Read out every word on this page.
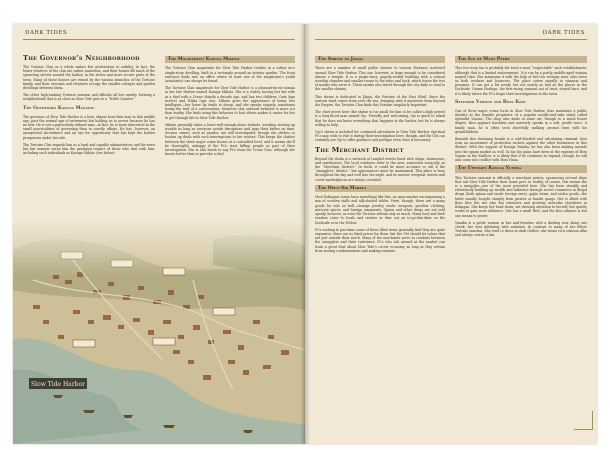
DARK TIDES
The Governor’s Neighborhood

The Tortoise Clan as a whole makes few pretensions to nobility. In fact, the lesser relatives of the clan are rather numerous, and their homes fill much of the sprawling streets around the harbor, in the richer and more secure parts of the town. Many of these houses are owned by the various branches of the Tortoise family, and their servants and retainers occupy the smaller cottages and garden dwellings between them.

The other high-ranking Tortoise samurai and officials all live nearby, forming a neighborhood that is as close as Slow Tide gets to a “Noble Quarter.”

The Governor: Kasuga Magatsu

The governor of Slow Tide Harbor is a lean, almost bone-thin man in late middle age, past the normal age of retirement but holding on to power because he has no heir. He is not a particularly refined man—in fact, he is more interested in the small practicalities of governing than in courtly affairs. He has, however, an unexpected shrewdness and an eye for opportunity that has kept the harbor prosperous under his rule.

The Tortoise Clan regards him as a loyal and capable administrator, and his stern but fair manner earns him the grudging respect of those who deal with him, including such individuals as Kasuga Mikoto (see below).

The Magistrate: Kasuga Mikoto

The Tortoise Clan magistrate for Slow Tide Harbor resides in a rather nice single-story dwelling, built in a rectangle around an interior garden. The front entrance leads into an office where at least one of the magistrate’s yoriki (assistants) can always be found.

The Tortoise Clan magistrate for Slow Tide Harbor is a pleasant-faced woman in her late thirties named Kasuga Mikoto. She is a widow, having lost her wife in a duel with a Crane shinobi a decade ago, and has two children, Onia (age twelve) and Tokka (age ten). Mikoto gives the appearance of being less intelligent—her lower lip tends to droop, and she speaks vaguely, sometimes losing the trail of a conversation. However, this outward behavior is more act than reality. She finds using this behavior to bait others makes it easier for her to get through life in Slow Tide Harbor.

Mikoto generally takes a leave-well-enough-alone attitude, avoiding stirring up trouble as long as everyone avoids disruptions and pays their bribes on time. Serious crimes, such as murder, are still investigated, though she shelves or hushes up deals with such interruptions to her routine. This keeps the clashes between the three major crime bosses at a controlled level, and it means she’ll be thoroughly unhappy if the PCs start killing people as part of their investigation. She is also harsh to any PCs from the Crane Clan, although she knows better than to provoke a duel.

Slow Tide Harbor
DARK TIDES
The Shrine to Jikoja

There are a number of small public shrines to various Fortunes scattered around Slow Tide Harbor. This one, however, is large enough to be considered almost a temple. It is a single-story, pagoda-roofed building with a central worship chamber and smaller rooms to the sides and back, which house the two of monks who serve it. These monks also travel through the city daily to tend to the smaller shrines.

This shrine is dedicated to Jikoja, the Fortune of the East Wind. Since the eastern wind comes from over the sea, bringing with it mysteries from beyond the Empire, the Tortoise Clan finds this Fortune singularly important.

The chief priest here (the shrine is too small for him to be called a high priest) is a long-faced man named Ojo. Friendly and welcoming, Ojo is quick to admit that he does not know everything that happens in the harbor, but he is always willing to help.

Ojo’s shrine is included for continued adventures in Slow Tide Harbor. Spiritual PCs may wish to visit it during their investigation here, though, and the GM can certainly use Ojo to offer guidance and perhaps even clues if necessary.

The Merchant District

Beyond the docks is a network of tangled streets lined with shops, businesses, and warehouses. The local residents refer to the area, somewhat ironically, as the “Merchant District.” In truth, it could be more accurate to call it the “smugglers’ district,” but appearances must be maintained. This place is busy throughout the day and well into the night, and its narrow, irregular streets and coved marketplaces are always crowded.

The Open-Air Market

Most Rokugani towns have something like this: an open market encompassing a mix of wooden stalls and silk-shaded tables. Here, though, there are a many goods for sale as well—strange jewelry, exotic weapons, peculiar clothing, intricate spices, and foreign ornaments. Opium and other drugs are not sold openly, however, as even the Tortoise refrain only so much. Many food and herb vendors cater to locals and visitors or dine out on to-go-dim-dims on the Dockside or in the Widow.

PCs wishing to purchase some of these illicit items generally find they are quite expensive; there are no fixed prices for them, but the GM should let values that are just outside their reach. Many of the merchants serve as conduits between the smugglers and their customers. PCs who ask around at the market can learn a great deal about Slow Tide’s covert economy, as long as they refrain from issuing condemnations and making enemies.

The Inn of Many Paths

This two-story inn is probably the town’s most “respectable” such establishment, although that is a limited endorsement. It is run by a portly, middle-aged woman named Otyu. She maintains it with the help of her two teenage sons, who serve as both workers and bouncers. The place caters equally to samurai and peasants. It can get a bit rowdy, but not nearly as bad as the places in the Dockside. Otome Hoshige, the first-rising samurai out of trust, stayed here, and it is likely where the PCs begin their investigations in the town.

Splendid Visions and Boss Kiso

One of three major crime lords in Slow Tide Harbor, Kiso maintains a public identity as the humble proprietor of a popular noodle-and-sake stand called Splendid Visions. The shop also deals in some art, though to a much lesser degree. Kiso appears harmless and narrowly speaks in a soft, gentle voice. A family man, he is often seen cheerfully walking around town with his grandchildren.

Beneath this charming facade is a cold-blooded and calculating criminal. Kiso runs an assortment of protection rackets against the other businesses in this district. With the support of Kasuga Yumika, he has also been making inroads into the opium market as well. So far, his gains have been at the expense of Boss Yoguro in the Shallow; it is likely that if he continues to expand, though, he will also come into conflict with Boss Hana.

The Upstart: Kasuga Yumika

This Tortoise samurai is officially a merchant patron, sponsoring several ships that sail Slow Tide Harbor their home port. In reality, of course, this means she is a smuggler—one of the more powerful here. She has been steadily and relentlessly building up wealth and influence through secret commerce in illegal drugs (both opium and exotic foreign ones), gaijin items, and stolen goods—the latter usually bought cheaply from pirates or bandit gangs. She is allied with Boss Kiso but she also has extensive and growing networks elsewhere in Rokugan. She keeps her head down, not drawing attention to herself, but quietly works to gain more influence. She has a small fleet, and the Kiso alliance is but one means to power.

Yumika is a petite woman in her mid-twenties with a dueling scar along one cheek, her eyes glittering with ambition. In contrast to many of her fellow Tortoise samurai, who tend to dress in dark clothes, she wears rich crimson silks and always carries a fan.
